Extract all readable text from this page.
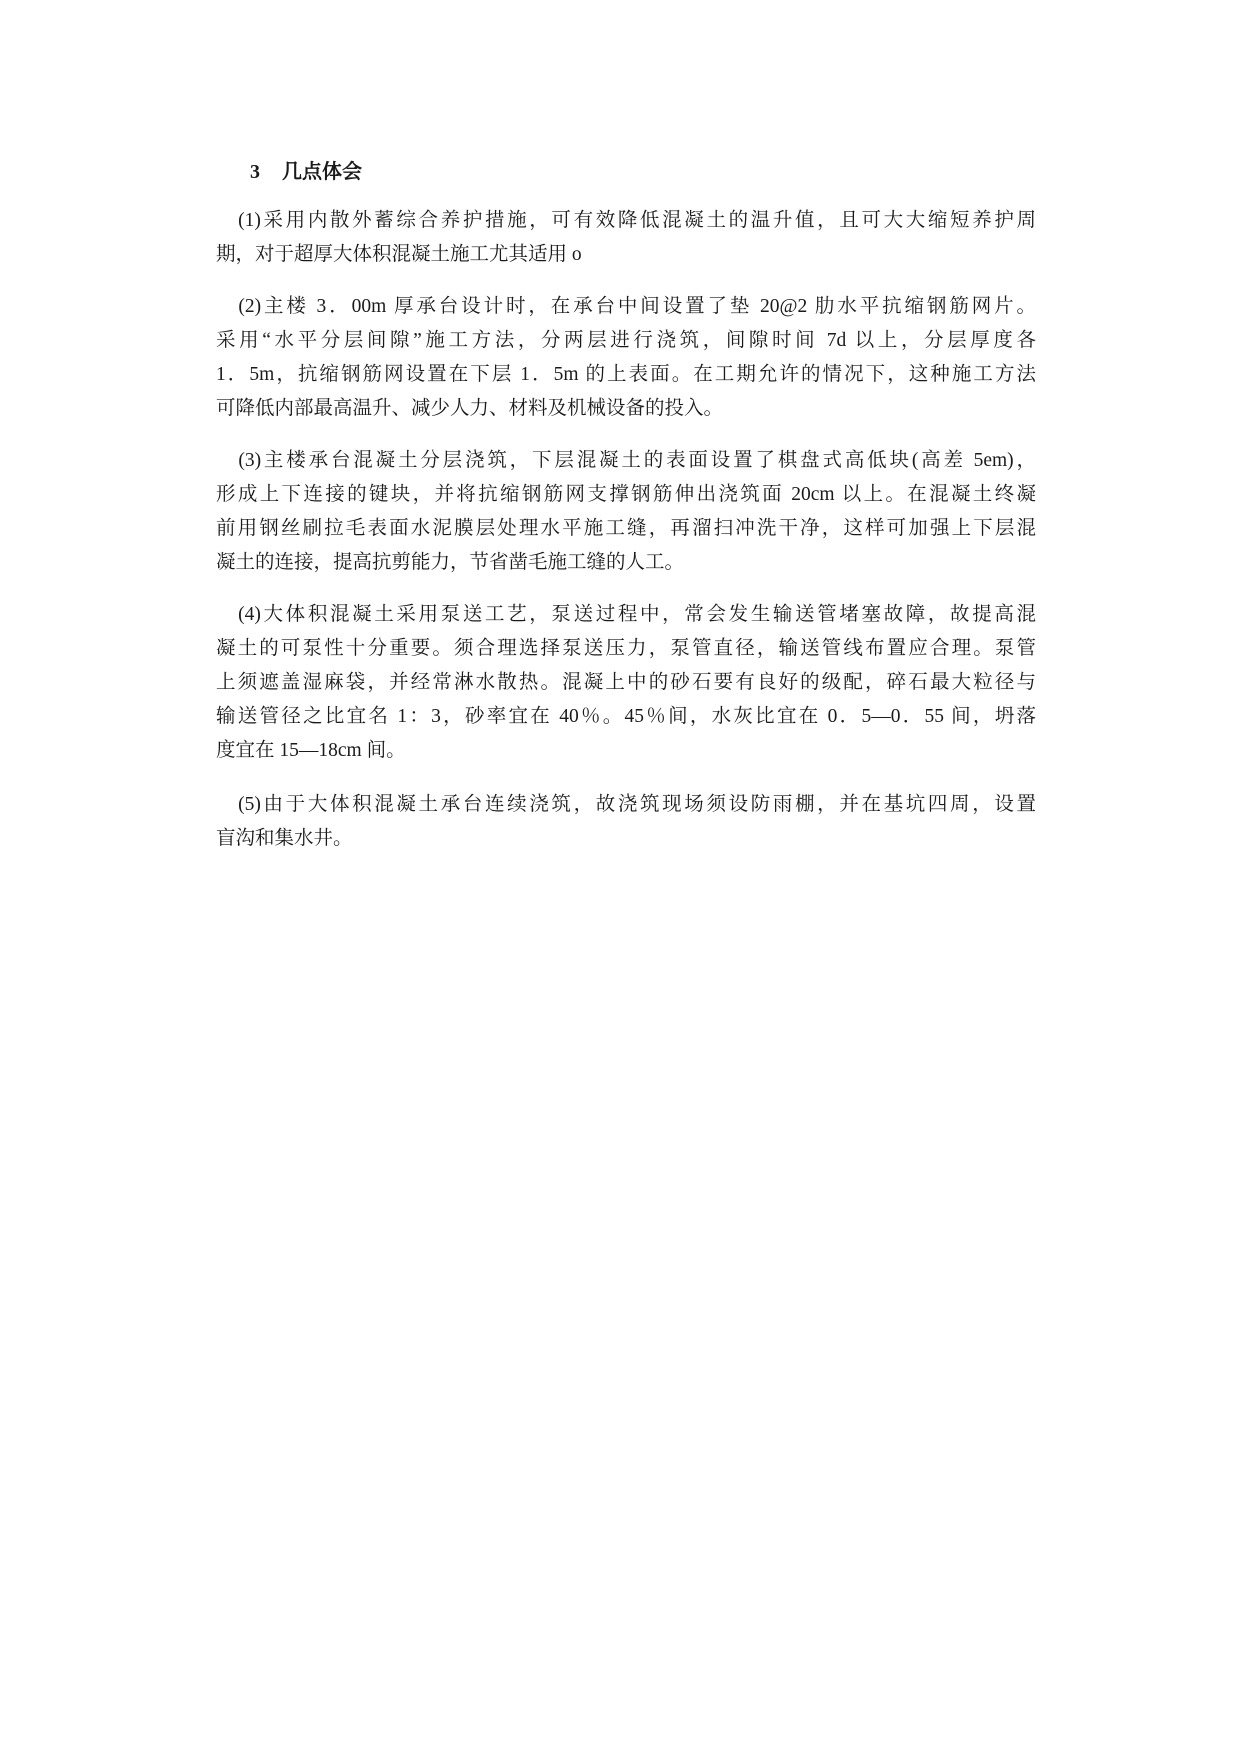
3 几点体会

　(1)采用内散外蓄综合养护措施，可有效降低混凝土的温升值，且可大大缩短养护周
期，对于超厚大体积混凝土施工尤其适用 o

　(2)主楼 3．00m 厚承台设计时，在承台中间设置了垫 20@2 肋水平抗缩钢筋网片。
采用“水平分层间隙”施工方法，分两层进行浇筑，间隙时间 7d 以上，分层厚度各
1．5m，抗缩钢筋网设置在下层 1．5m 的上表面。在工期允许的情况下，这种施工方法
可降低内部最高温升、减少人力、材料及机械设备的投入。

　(3)主楼承台混凝土分层浇筑，下层混凝土的表面设置了棋盘式高低块(高差 5em)，
形成上下连接的键块，并将抗缩钢筋网支撑钢筋伸出浇筑面 20cm 以上。在混凝土终凝
前用钢丝刷拉毛表面水泥膜层处理水平施工缝，再溜扫冲洗干净，这样可加强上下层混
凝土的连接，提高抗剪能力，节省凿毛施工缝的人工。

　(4)大体积混凝土采用泵送工艺，泵送过程中，常会发生输送管堵塞故障，故提高混
凝土的可泵性十分重要。须合理选择泵送压力，泵管直径，输送管线布置应合理。泵管
上须遮盖湿麻袋，并经常淋水散热。混凝上中的砂石要有良好的级配，碎石最大粒径与
输送管径之比宜名 1：3，砂率宜在 40％。45％间，水灰比宜在 0．5—0．55 间，坍落
度宜在 15—18cm 间。

　(5)由于大体积混凝土承台连续浇筑，故浇筑现场须设防雨棚，并在基坑四周，设置
盲沟和集水井。
